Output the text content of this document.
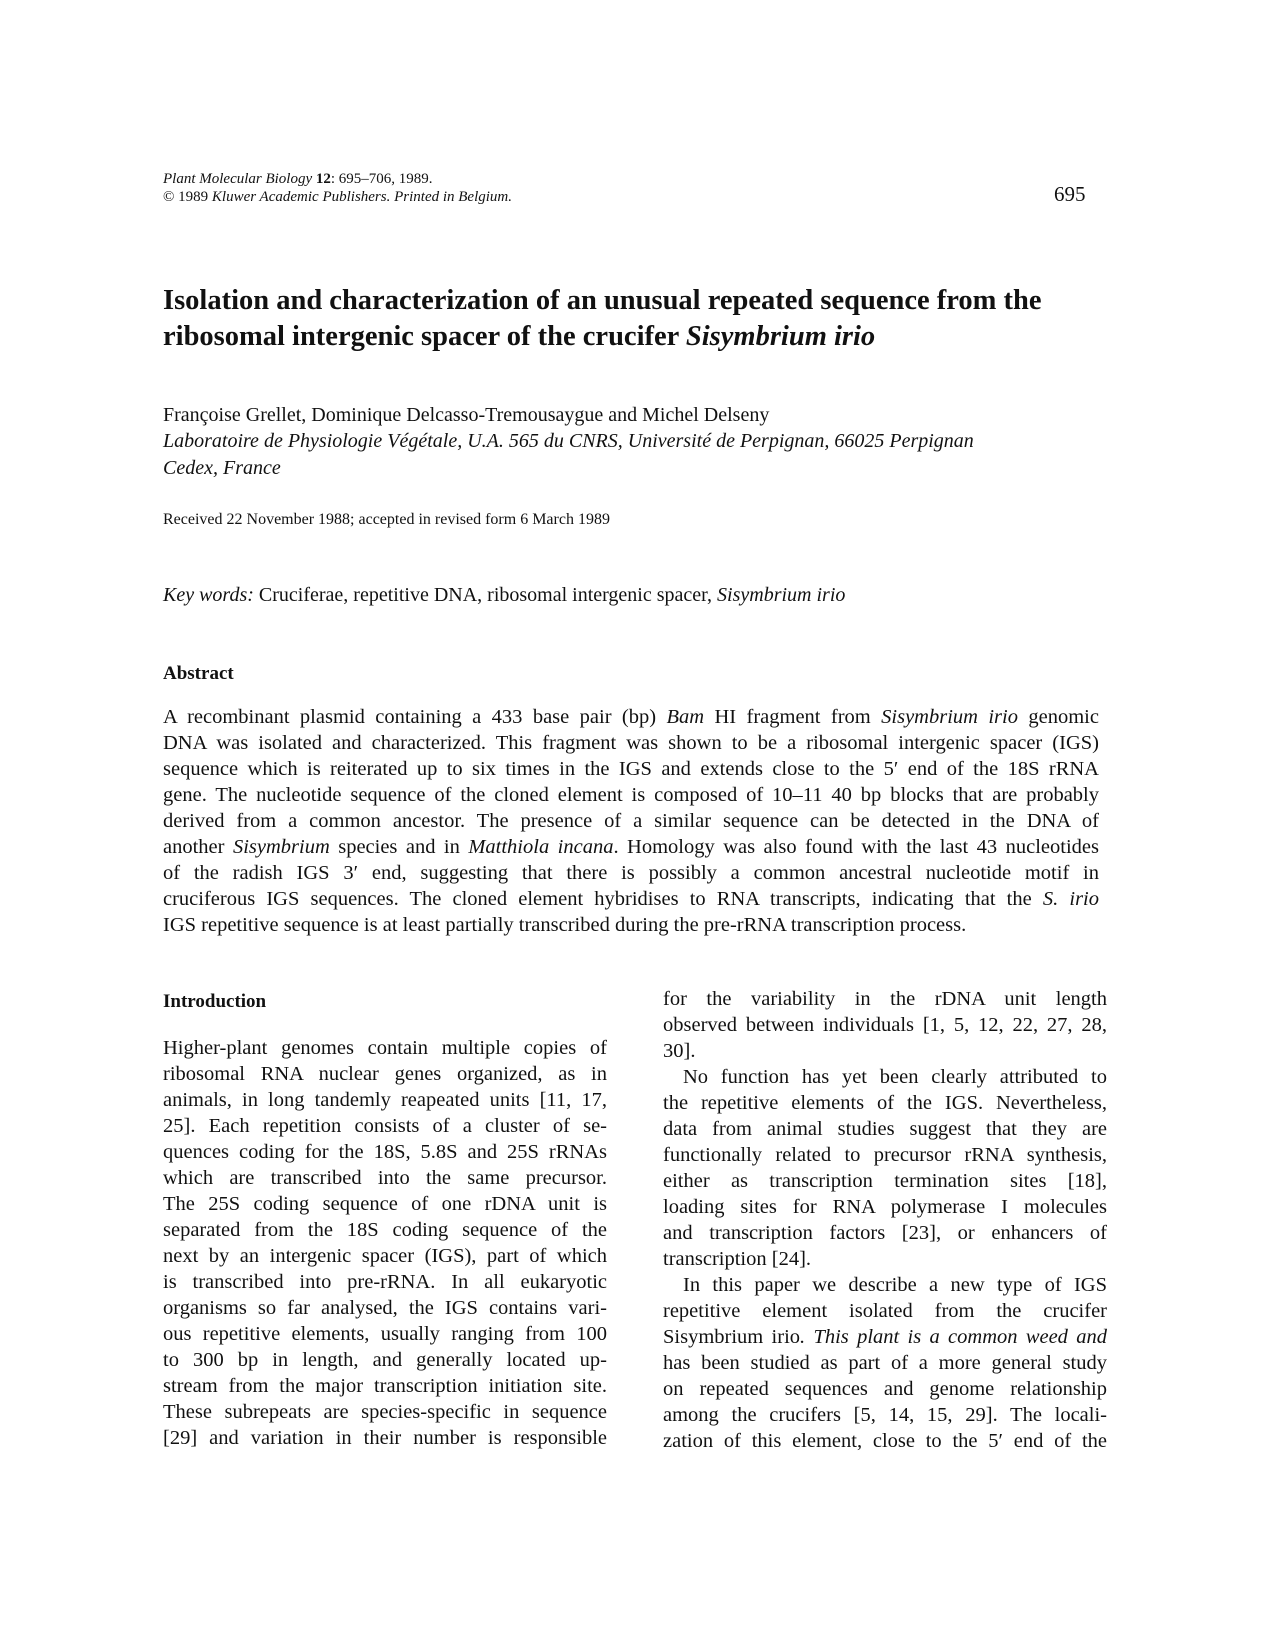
Plant Molecular Biology 12: 695–706, 1989.
© 1989 Kluwer Academic Publishers. Printed in Belgium.	695
Isolation and characterization of an unusual repeated sequence from the
ribosomal intergenic spacer of the crucifer Sisymbrium irio
Françoise Grellet, Dominique Delcasso-Tremousaygue and Michel Delseny
Laboratoire de Physiologie Végétale, U.A. 565 du CNRS, Université de Perpignan, 66025 Perpignan
Cedex, France
Received 22 November 1988; accepted in revised form 6 March 1989
Key words: Cruciferae, repetitive DNA, ribosomal intergenic spacer, Sisymbrium irio
Abstract
A recombinant plasmid containing a 433 base pair (bp) Bam HI fragment from Sisymbrium irio genomic
DNA was isolated and characterized. This fragment was shown to be a ribosomal intergenic spacer (IGS)
sequence which is reiterated up to six times in the IGS and extends close to the 5′ end of the 18S rRNA
gene. The nucleotide sequence of the cloned element is composed of 10–11 40 bp blocks that are probably
derived from a common ancestor. The presence of a similar sequence can be detected in the DNA of
another Sisymbrium species and in Matthiola incana. Homology was also found with the last 43 nucleotides
of the radish IGS 3′ end, suggesting that there is possibly a common ancestral nucleotide motif in
cruciferous IGS sequences. The cloned element hybridises to RNA transcripts, indicating that the S. irio
IGS repetitive sequence is at least partially transcribed during the pre-rRNA transcription process.
Introduction
Higher-plant genomes contain multiple copies of
ribosomal RNA nuclear genes organized, as in
animals, in long tandemly reapeated units [11, 17,
25]. Each repetition consists of a cluster of se-
quences coding for the 18S, 5.8S and 25S rRNAs
which are transcribed into the same precursor.
The 25S coding sequence of one rDNA unit is
separated from the 18S coding sequence of the
next by an intergenic spacer (IGS), part of which
is transcribed into pre-rRNA. In all eukaryotic
organisms so far analysed, the IGS contains vari-
ous repetitive elements, usually ranging from 100
to 300 bp in length, and generally located up-
stream from the major transcription initiation site.
These subrepeats are species-specific in sequence
[29] and variation in their number is responsible
for the variability in the rDNA unit length
observed between individuals [1, 5, 12, 22, 27, 28,
30].
No function has yet been clearly attributed to
the repetitive elements of the IGS. Nevertheless,
data from animal studies suggest that they are
functionally related to precursor rRNA synthesis,
either as transcription termination sites [18],
loading sites for RNA polymerase I molecules
and transcription factors [23], or enhancers of
transcription [24].
In this paper we describe a new type of IGS
repetitive element isolated from the crucifer
Sisymbrium irio. This plant is a common weed and
has been studied as part of a more general study
on repeated sequences and genome relationship
among the crucifers [5, 14, 15, 29]. The locali-
zation of this element, close to the 5′ end of the
